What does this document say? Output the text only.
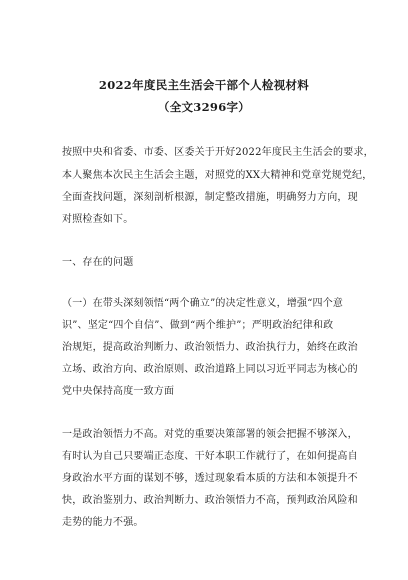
2022年度民主生活会干部个人检视材料
（全文3296字）
按照中央和省委、市委、区委关于开好2022年度民主生活会的要求，
本人聚焦本次民主生活会主题，对照党的XX大精神和党章党规党纪，
全面查找问题，深刻剖析根源，制定整改措施，明确努力方向，现
对照检查如下。
一、存在的问题
（一）在带头深刻领悟“两个确立”的决定性意义，增强“四个意
识”、坚定“四个自信”、做到“两个维护”；严明政治纪律和政
治规矩，提高政治判断力、政治领悟力、政治执行力，始终在政治
立场、政治方向、政治原则、政治道路上同以习近平同志为核心的
党中央保持高度一致方面
一是政治领悟力不高。对党的重要决策部署的领会把握不够深入，
有时认为自己只要端正态度、干好本职工作就行了，在如何提高自
身政治水平方面的谋划不够，透过现象看本质的方法和本领提升不
快，政治鉴别力、政治判断力、政治领悟力不高，预判政治风险和
走势的能力不强。
